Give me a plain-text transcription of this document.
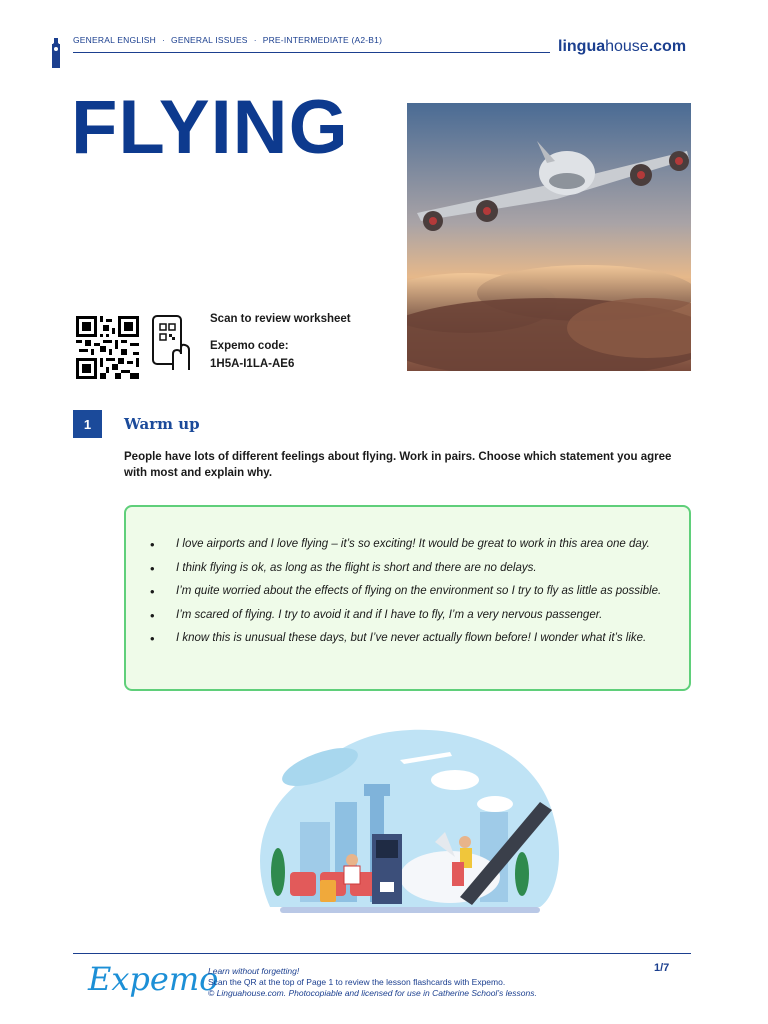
GENERAL ENGLISH · GENERAL ISSUES · PRE-INTERMEDIATE (A2-B1)	linguahouse.com
FLYING
Scan to review worksheet
Expemo code:
1H5A-I1LA-AE6
1	Warm up
People have lots of different feelings about flying. Work in pairs. Choose which statement you agree with most and explain why.
• I love airports and I love flying – it’s so exciting! It would be great to work in this area one day.
• I think flying is ok, as long as the flight is short and there are no delays.
• I’m quite worried about the effects of flying on the environment so I try to fly as little as possible.
• I’m scared of flying. I try to avoid it and if I have to fly, I’m a very nervous passenger.
• I know this is unusual these days, but I’ve never actually flown before! I wonder what it’s like.
Expemo
Learn without forgetting!
Scan the QR at the top of Page 1 to review the lesson flashcards with Expemo.
© Linguahouse.com. Photocopiable and licensed for use in Catherine School’s lessons.
1/7
